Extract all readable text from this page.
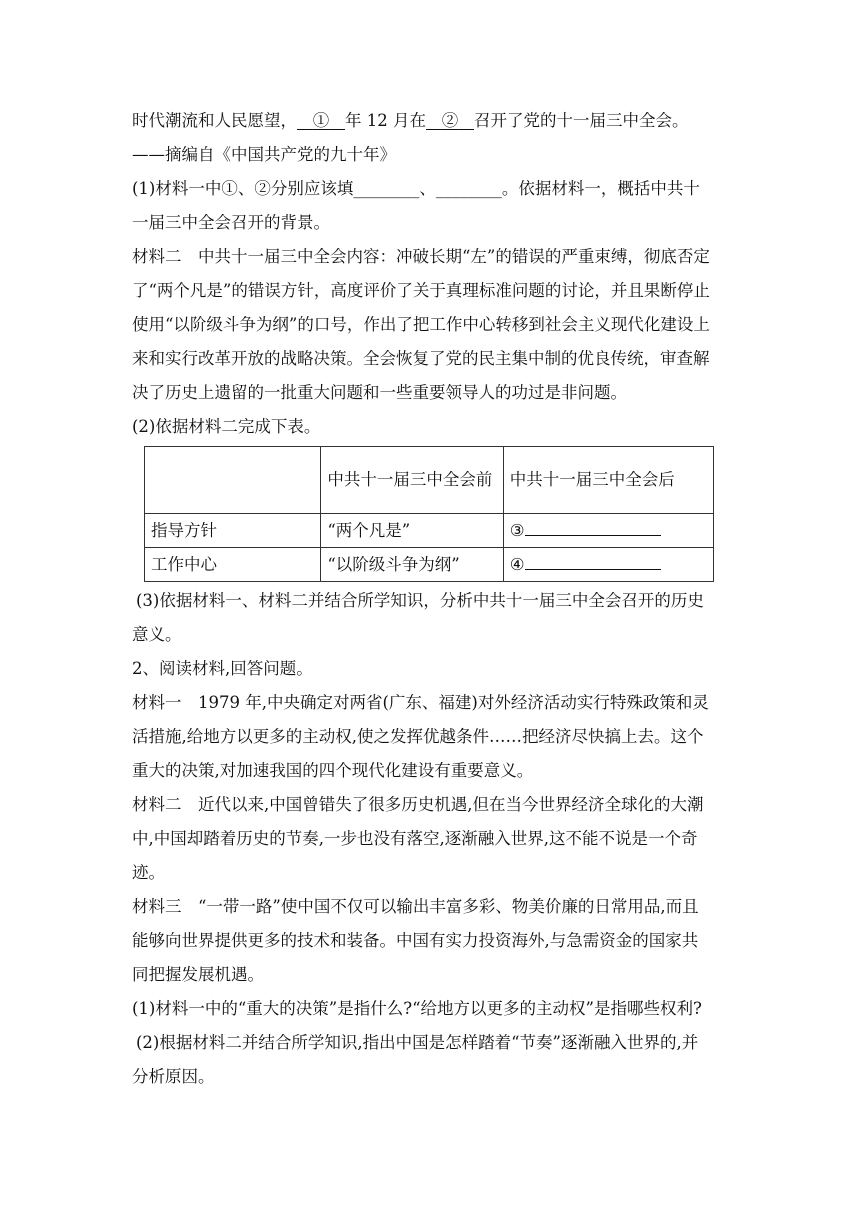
时代潮流和人民愿望， ① 年 12 月在 ② 召开了党的十一届三中全会。
——摘编自《中国共产党的九十年》
(1)材料一中①、②分别应该填________、________。依据材料一，概括中共十
一届三中全会召开的背景。
材料二　中共十一届三中全会内容：冲破长期“左”的错误的严重束缚，彻底否定
了“两个凡是”的错误方针，高度评价了关于真理标准问题的讨论，并且果断停止
使用“以阶级斗争为纲”的口号，作出了把工作中心转移到社会主义现代化建设上
来和实行改革开放的战略决策。全会恢复了党的民主集中制的优良传统，审查解
决了历史上遗留的一批重大问题和一些重要领导人的功过是非问题。
(2)依据材料二完成下表。
	中共十一届三中全会前	中共十一届三中全会后
指导方针	“两个凡是”	③
工作中心	“以阶级斗争为纲”	④
(3)依据材料一、材料二并结合所学知识，分析中共十一届三中全会召开的历史
意义。
2、阅读材料,回答问题。
材料一　1979 年,中央确定对两省(广东、福建)对外经济活动实行特殊政策和灵
活措施,给地方以更多的主动权,使之发挥优越条件……把经济尽快搞上去。这个
重大的决策,对加速我国的四个现代化建设有重要意义。
材料二　近代以来,中国曾错失了很多历史机遇,但在当今世界经济全球化的大潮
中,中国却踏着历史的节奏,一步也没有落空,逐渐融入世界,这不能不说是一个奇
迹。
材料三　“一带一路”使中国不仅可以输出丰富多彩、物美价廉的日常用品,而且
能够向世界提供更多的技术和装备。中国有实力投资海外,与急需资金的国家共
同把握发展机遇。
(1)材料一中的“重大的决策”是指什么?“给地方以更多的主动权”是指哪些权利?
(2)根据材料二并结合所学知识,指出中国是怎样踏着“节奏”逐渐融入世界的,并
分析原因。
